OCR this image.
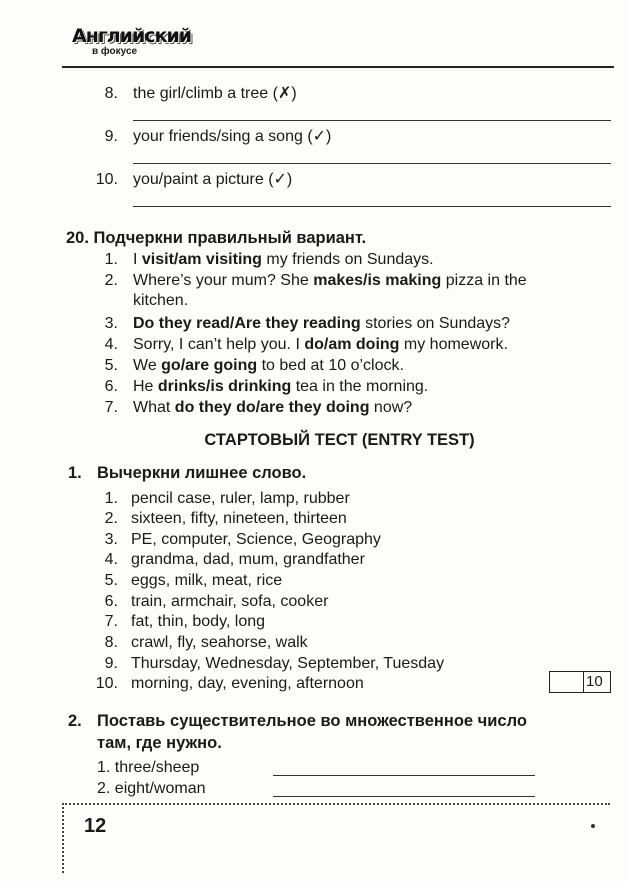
Английский
в фокусе
8. the girl/climb a tree (✗)
9. your friends/sing a song (✓)
10. you/paint a picture (✓)
20. Подчеркни правильный вариант.
1. I visit/am visiting my friends on Sundays.
2. Where’s your mum? She makes/is making pizza in the
kitchen.
3. Do they read/Are they reading stories on Sundays?
4. Sorry, I can’t help you. I do/am doing my homework.
5. We go/are going to bed at 10 o’clock.
6. He drinks/is drinking tea in the morning.
7. What do they do/are they doing now?
СТАРТОВЫЙ ТЕСТ (ENTRY TEST)
1. Вычеркни лишнее слово.
1. pencil case, ruler, lamp, rubber
2. sixteen, fifty, nineteen, thirteen
3. PE, computer, Science, Geography
4. grandma, dad, mum, grandfather
5. eggs, milk, meat, rice
6. train, armchair, sofa, cooker
7. fat, thin, body, long
8. crawl, fly, seahorse, walk
9. Thursday, Wednesday, September, Tuesday
10. morning, day, evening, afternoon	10
2. Поставь существительное во множественное число
там, где нужно.
1. three/sheep
2. eight/woman
12
